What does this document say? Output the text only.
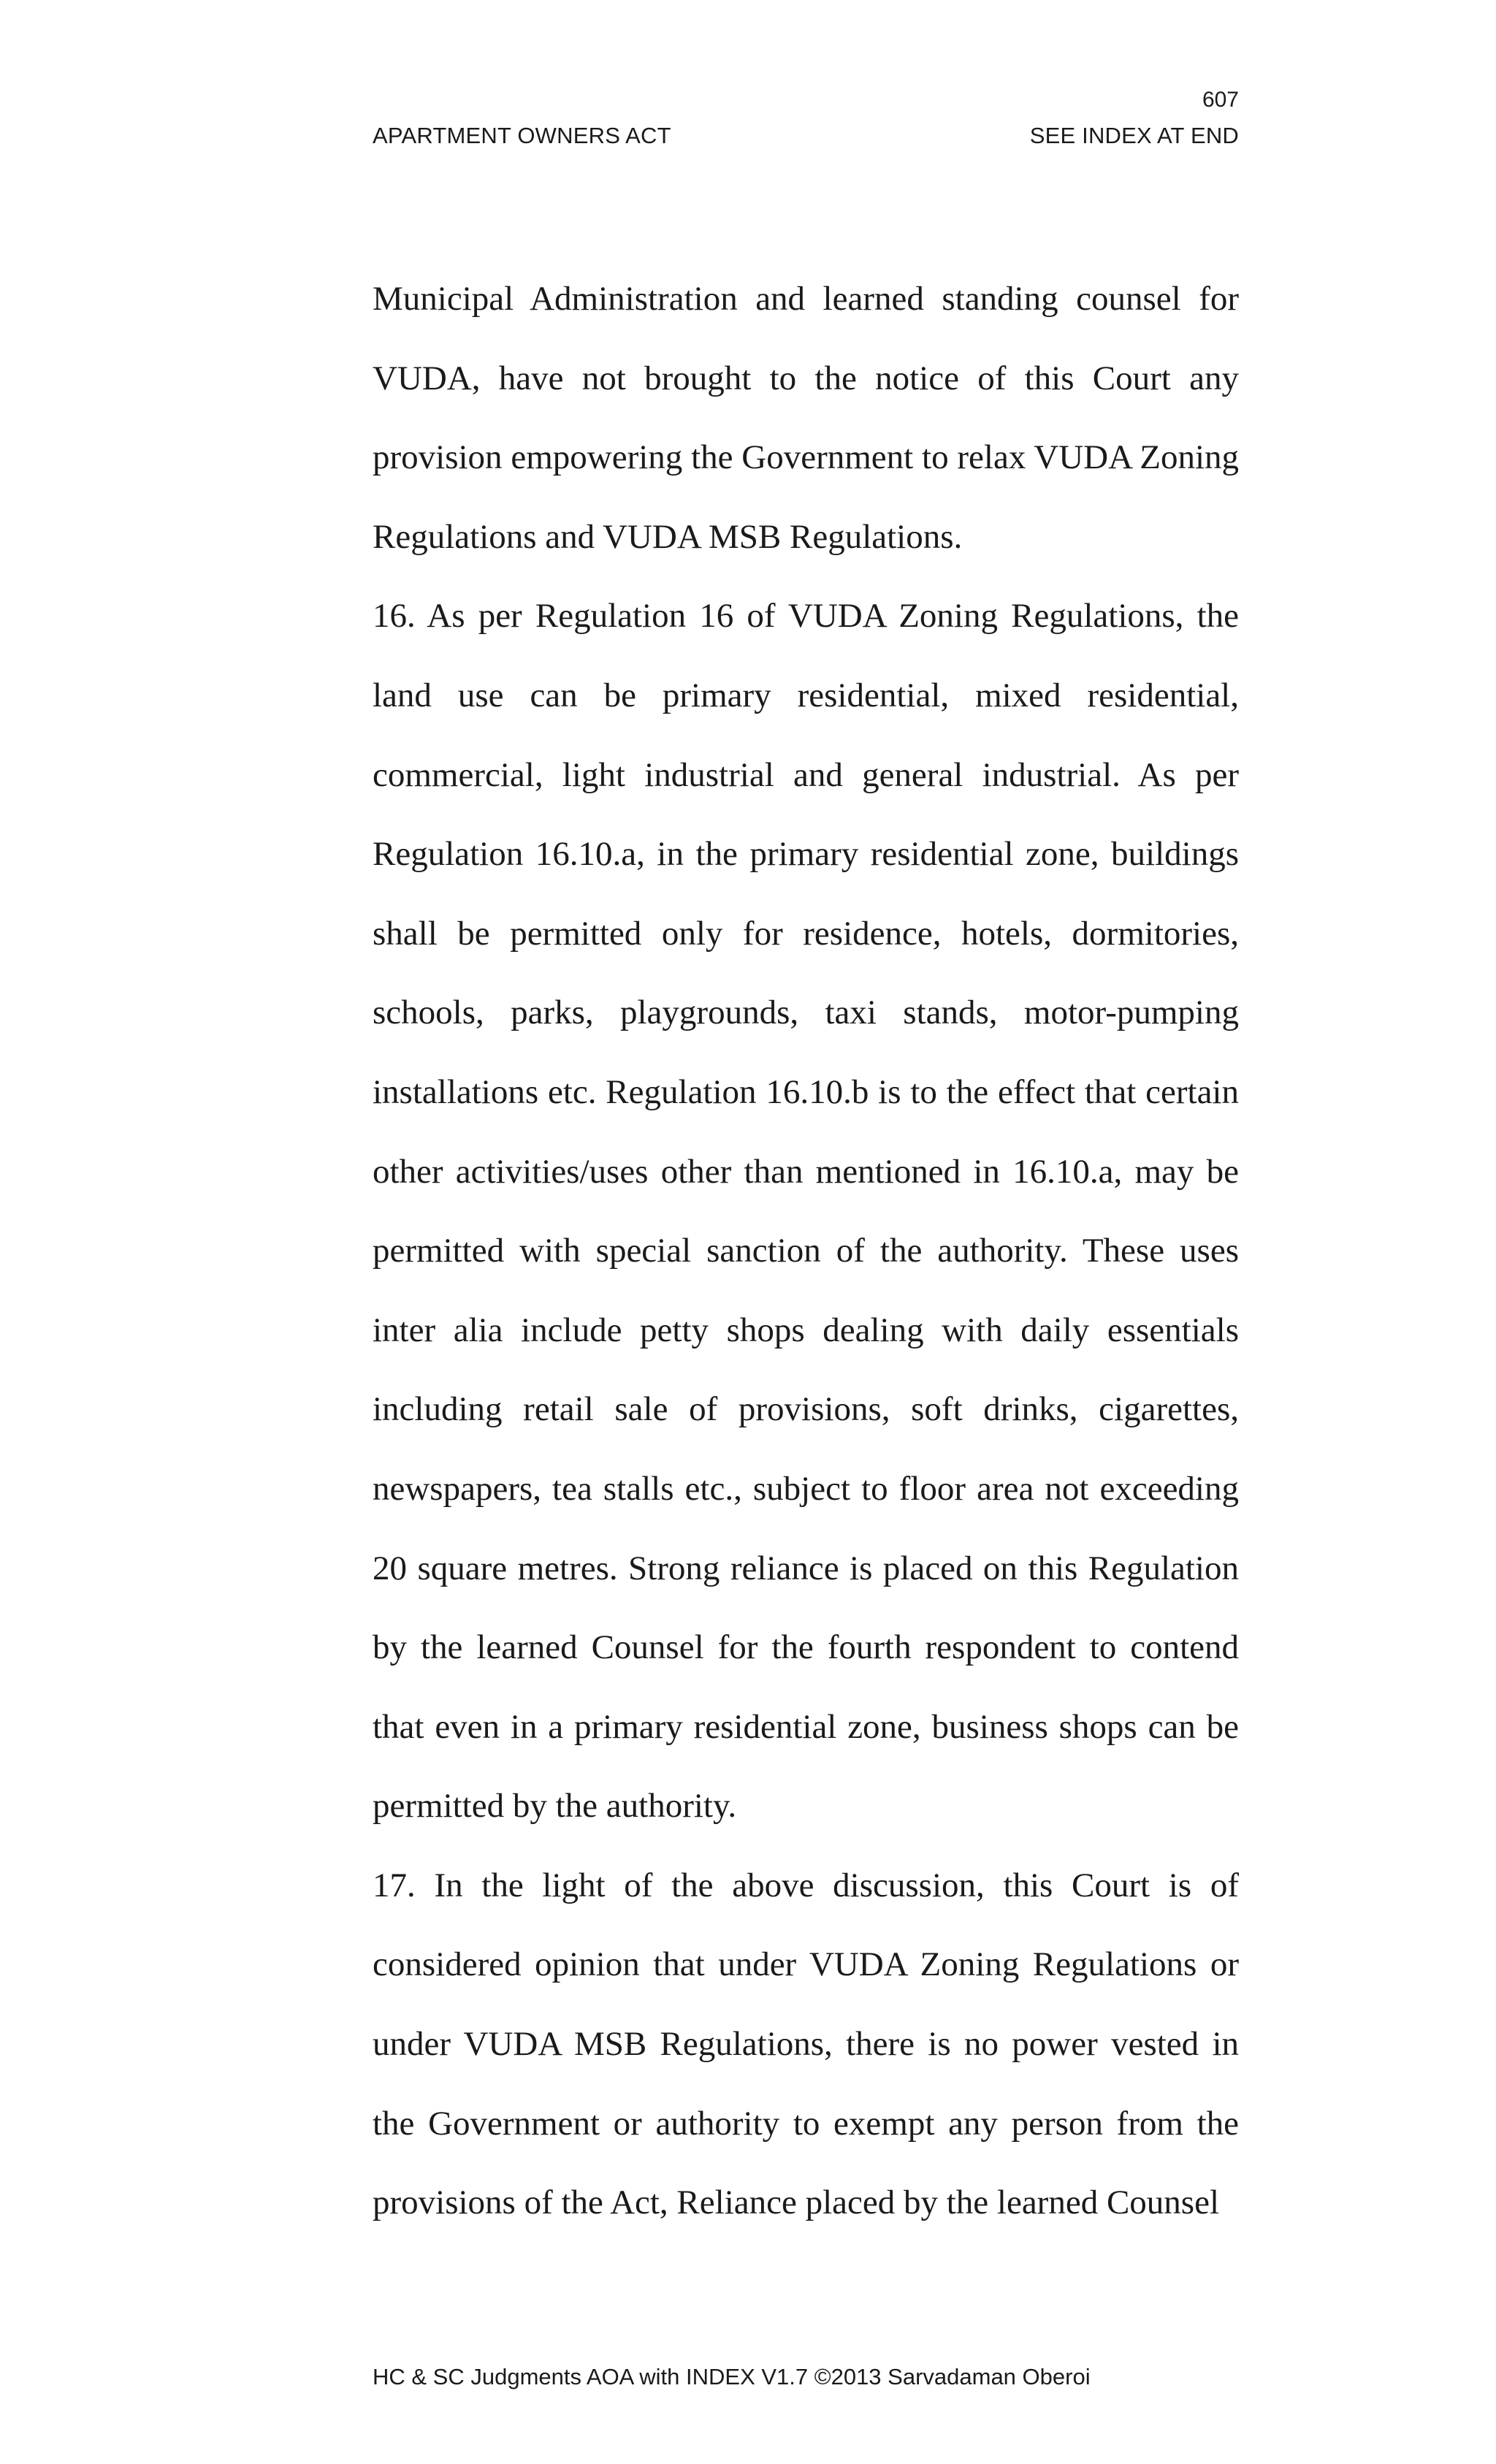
607
APARTMENT OWNERS ACT	SEE INDEX AT END

Municipal Administration and learned standing counsel for VUDA, have not brought to the notice of this Court any provision empowering the Government to relax VUDA Zoning Regulations and VUDA MSB Regulations.

16. As per Regulation 16 of VUDA Zoning Regulations, the land use can be primary residential, mixed residential, commercial, light industrial and general industrial. As per Regulation 16.10.a, in the primary residential zone, buildings shall be permitted only for residence, hotels, dormitories, schools, parks, playgrounds, taxi stands, motor-pumping installations etc. Regulation 16.10.b is to the effect that certain other activities/uses other than mentioned in 16.10.a, may be permitted with special sanction of the authority. These uses inter alia include petty shops dealing with daily essentials including retail sale of provisions, soft drinks, cigarettes, newspapers, tea stalls etc., subject to floor area not exceeding 20 square metres. Strong reliance is placed on this Regulation by the learned Counsel for the fourth respondent to contend that even in a primary residential zone, business shops can be permitted by the authority.

17. In the light of the above discussion, this Court is of considered opinion that under VUDA Zoning Regulations or under VUDA MSB Regulations, there is no power vested in the Government or authority to exempt any person from the provisions of the Act, Reliance placed by the learned Counsel

HC & SC Judgments AOA with INDEX V1.7 ©2013 Sarvadaman Oberoi
